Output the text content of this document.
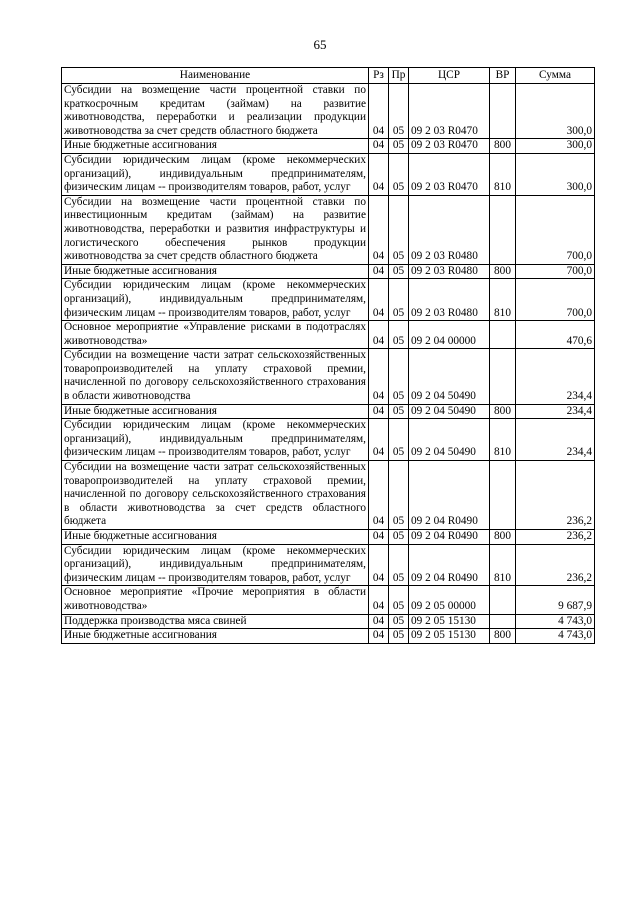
65
Наименование	Рз	Пр	ЦСР	ВР	Сумма
Субсидии на возмещение части процентной ставки по краткосрочным кредитам (займам) на развитие животноводства, переработки и реализации продукции животноводства за счет средств областного бюджета	04	05	09 2 03 R0470		300,0
Иные бюджетные ассигнования	04	05	09 2 03 R0470	800	300,0
Субсидии юридическим лицам (кроме некоммерческих организаций), индивидуальным предпринимателям, физическим лицам -- производителям товаров, работ, услуг	04	05	09 2 03 R0470	810	300,0
Субсидии на возмещение части процентной ставки по инвестиционным кредитам (займам) на развитие животноводства, переработки и развития инфраструктуры и логистического обеспечения рынков продукции животноводства за счет средств областного бюджета	04	05	09 2 03 R0480		700,0
Иные бюджетные ассигнования	04	05	09 2 03 R0480	800	700,0
Субсидии юридическим лицам (кроме некоммерческих организаций), индивидуальным предпринимателям, физическим лицам -- производителям товаров, работ, услуг	04	05	09 2 03 R0480	810	700,0
Основное мероприятие «Управление рисками в подотраслях животноводства»	04	05	09 2 04 00000		470,6
Субсидии на возмещение части затрат сельскохозяйственных товаропроизводителей на уплату страховой премии, начисленной по договору сельскохозяйственного страхования в области животноводства	04	05	09 2 04 50490		234,4
Иные бюджетные ассигнования	04	05	09 2 04 50490	800	234,4
Субсидии юридическим лицам (кроме некоммерческих организаций), индивидуальным предпринимателям, физическим лицам -- производителям товаров, работ, услуг	04	05	09 2 04 50490	810	234,4
Субсидии на возмещение части затрат сельскохозяйственных товаропроизводителей на уплату страховой премии, начисленной по договору сельскохозяйственного страхования в области животноводства за счет средств областного бюджета	04	05	09 2 04 R0490		236,2
Иные бюджетные ассигнования	04	05	09 2 04 R0490	800	236,2
Субсидии юридическим лицам (кроме некоммерческих организаций), индивидуальным предпринимателям, физическим лицам -- производителям товаров, работ, услуг	04	05	09 2 04 R0490	810	236,2
Основное мероприятие «Прочие мероприятия в области животноводства»	04	05	09 2 05 00000		9 687,9
Поддержка производства мяса свиней	04	05	09 2 05 15130		4 743,0
Иные бюджетные ассигнования	04	05	09 2 05 15130	800	4 743,0
